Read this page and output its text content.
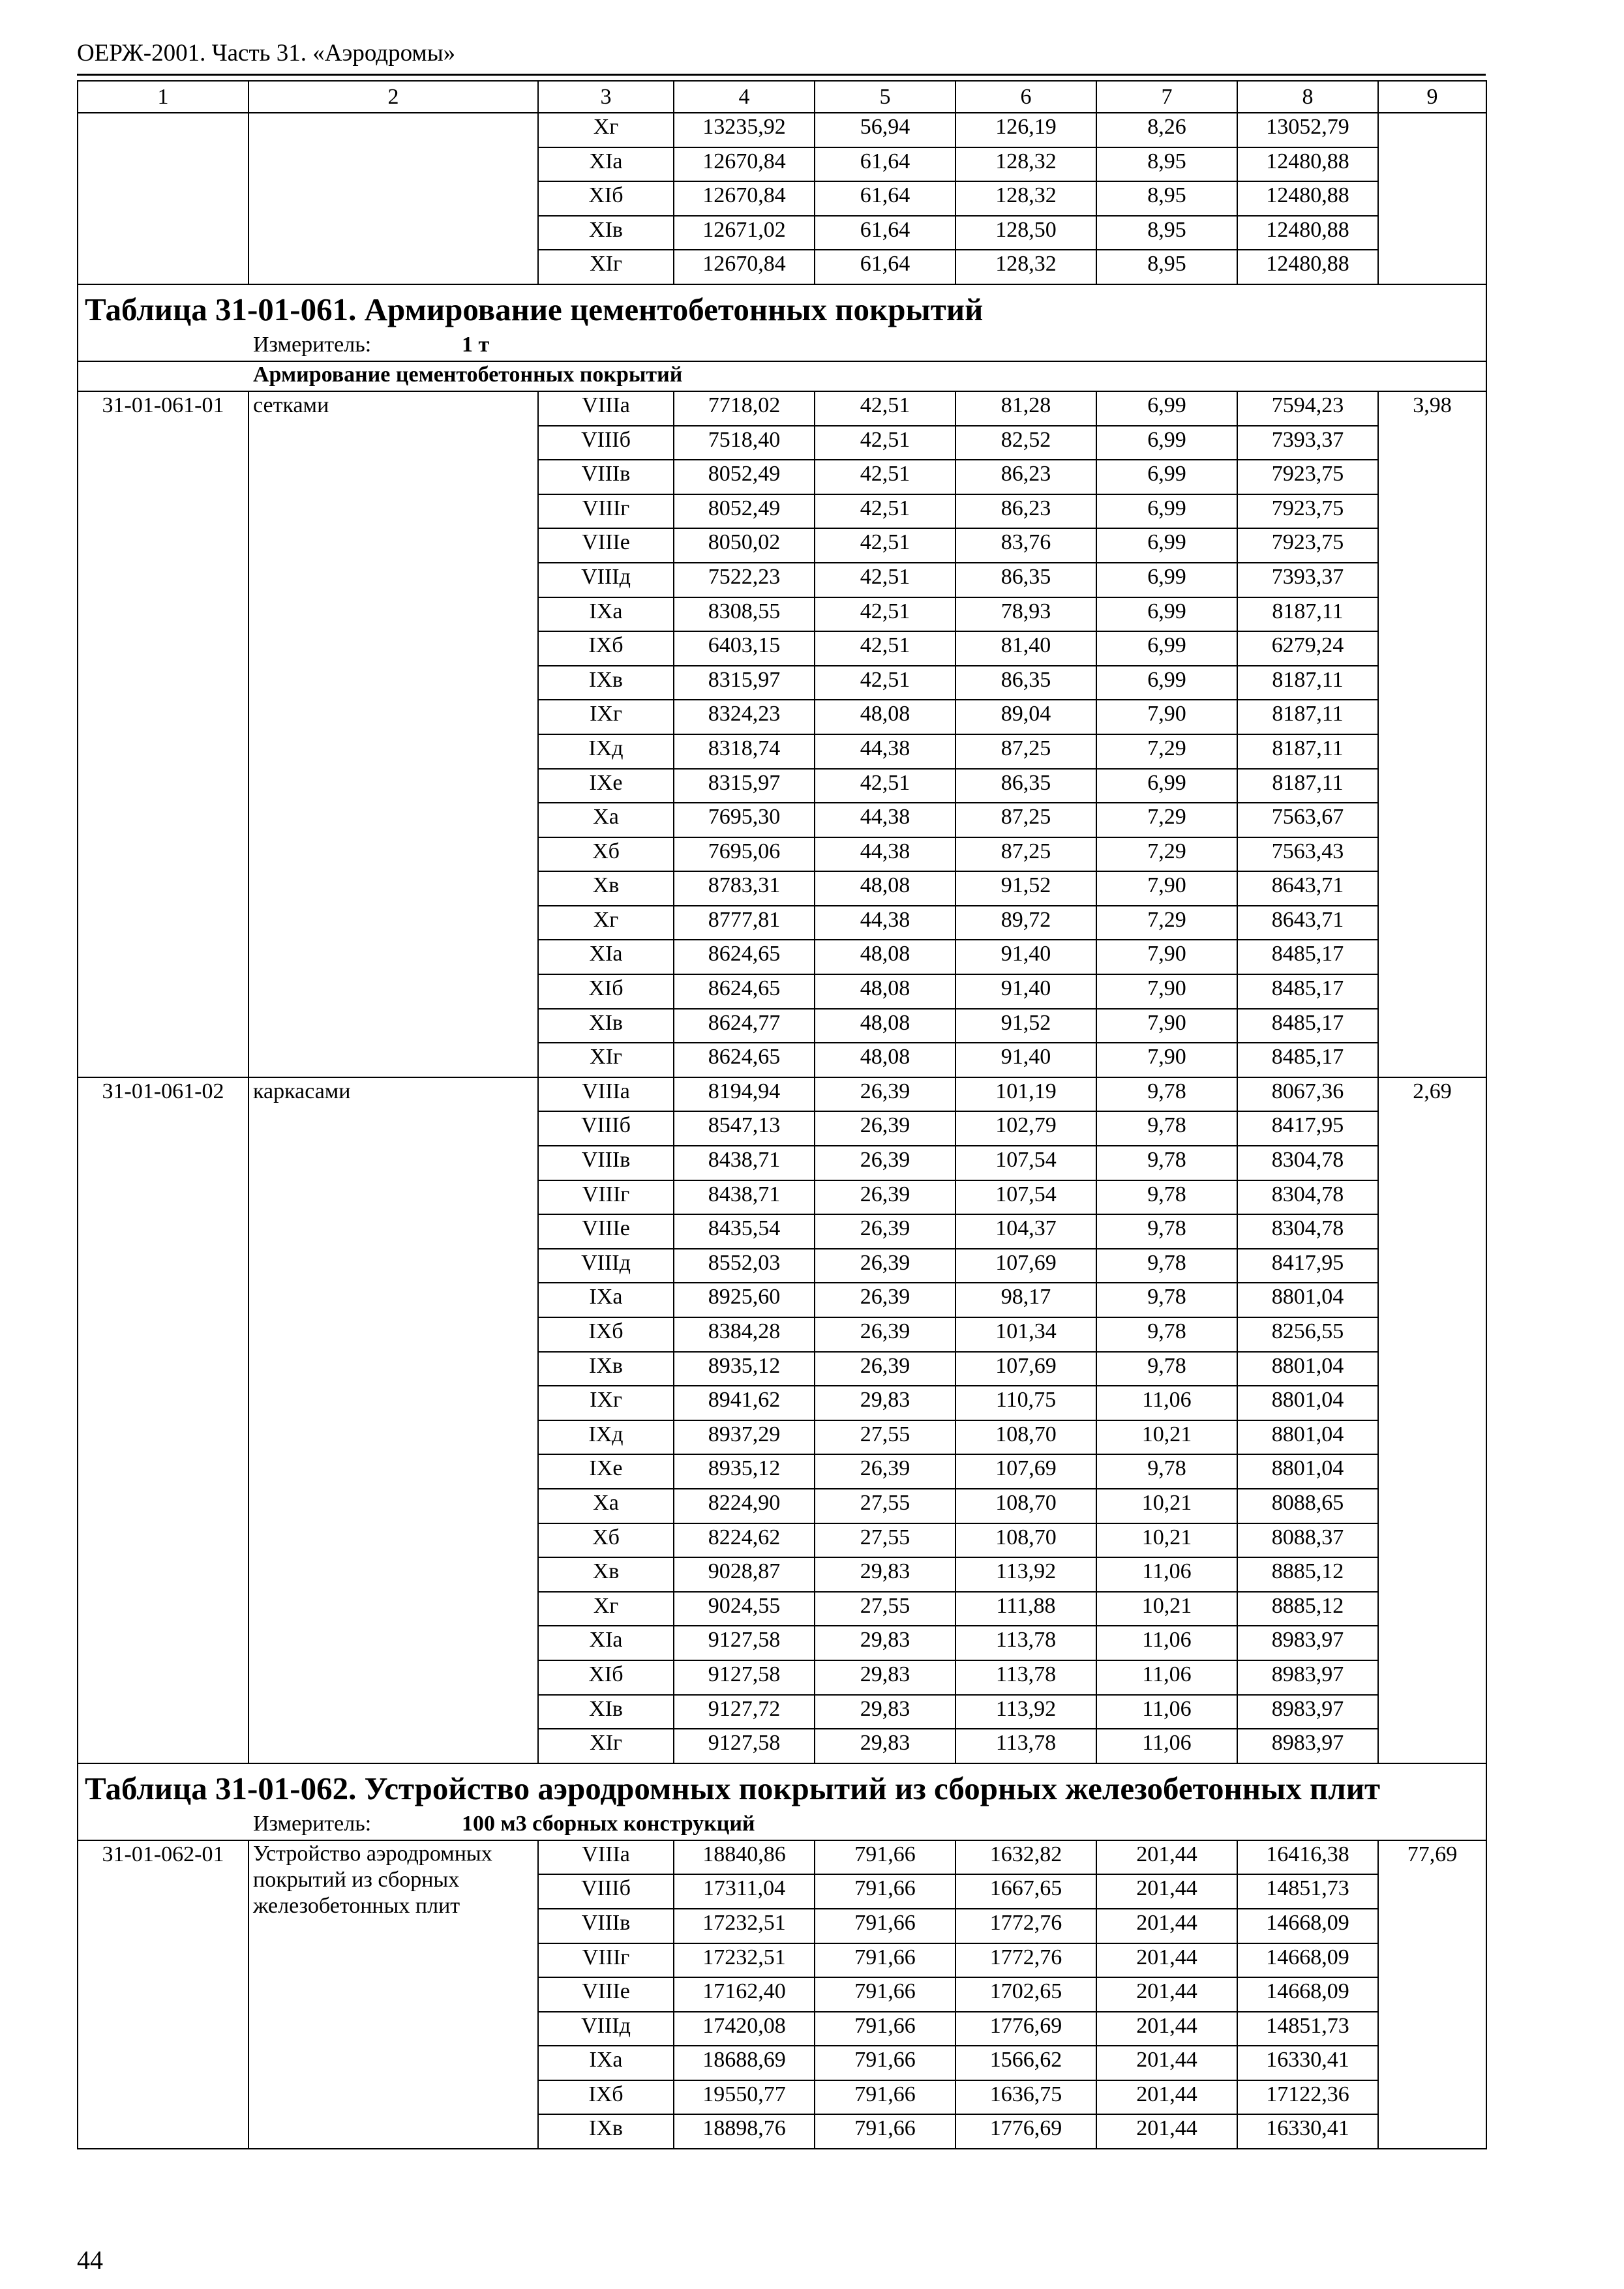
ОЕРЖ-2001. Часть 31. «Аэродромы»
1	2	3	4	5	6	7	8	9
		Xг	13235,92	56,94	126,19	8,26	13052,79	
		XIа	12670,84	61,64	128,32	8,95	12480,88	
		XIб	12670,84	61,64	128,32	8,95	12480,88	
		XIв	12671,02	61,64	128,50	8,95	12480,88	
		XIг	12670,84	61,64	128,32	8,95	12480,88	
Таблица 31-01-061. Армирование цементобетонных покрытий								
Измеритель: 1 т								
Армирование цементобетонных покрытий								
31-01-061-01	сетками	VIIIа	7718,02	42,51	81,28	6,99	7594,23	3,98
		VIIIб	7518,40	42,51	82,52	6,99	7393,37	
		VIIIв	8052,49	42,51	86,23	6,99	7923,75	
		VIIIг	8052,49	42,51	86,23	6,99	7923,75	
		VIIIе	8050,02	42,51	83,76	6,99	7923,75	
		VIIIд	7522,23	42,51	86,35	6,99	7393,37	
		IXа	8308,55	42,51	78,93	6,99	8187,11	
		IXб	6403,15	42,51	81,40	6,99	6279,24	
		IXв	8315,97	42,51	86,35	6,99	8187,11	
		IXг	8324,23	48,08	89,04	7,90	8187,11	
		IXд	8318,74	44,38	87,25	7,29	8187,11	
		IXе	8315,97	42,51	86,35	6,99	8187,11	
		Xа	7695,30	44,38	87,25	7,29	7563,67	
		Xб	7695,06	44,38	87,25	7,29	7563,43	
		Xв	8783,31	48,08	91,52	7,90	8643,71	
		Xг	8777,81	44,38	89,72	7,29	8643,71	
		XIа	8624,65	48,08	91,40	7,90	8485,17	
		XIб	8624,65	48,08	91,40	7,90	8485,17	
		XIв	8624,77	48,08	91,52	7,90	8485,17	
		XIг	8624,65	48,08	91,40	7,90	8485,17	
31-01-061-02	каркасами	VIIIа	8194,94	26,39	101,19	9,78	8067,36	2,69
		VIIIб	8547,13	26,39	102,79	9,78	8417,95	
		VIIIв	8438,71	26,39	107,54	9,78	8304,78	
		VIIIг	8438,71	26,39	107,54	9,78	8304,78	
		VIIIе	8435,54	26,39	104,37	9,78	8304,78	
		VIIIд	8552,03	26,39	107,69	9,78	8417,95	
		IXа	8925,60	26,39	98,17	9,78	8801,04	
		IXб	8384,28	26,39	101,34	9,78	8256,55	
		IXв	8935,12	26,39	107,69	9,78	8801,04	
		IXг	8941,62	29,83	110,75	11,06	8801,04	
		IXд	8937,29	27,55	108,70	10,21	8801,04	
		IXе	8935,12	26,39	107,69	9,78	8801,04	
		Xа	8224,90	27,55	108,70	10,21	8088,65	
		Xб	8224,62	27,55	108,70	10,21	8088,37	
		Xв	9028,87	29,83	113,92	11,06	8885,12	
		Xг	9024,55	27,55	111,88	10,21	8885,12	
		XIа	9127,58	29,83	113,78	11,06	8983,97	
		XIб	9127,58	29,83	113,78	11,06	8983,97	
		XIв	9127,72	29,83	113,92	11,06	8983,97	
		XIг	9127,58	29,83	113,78	11,06	8983,97	
Таблица 31-01-062. Устройство аэродромных покрытий из сборных железобетонных плит								
Измеритель: 100 м3 сборных конструкций								
31-01-062-01	Устройство аэродромных покрытий из сборных железобетонных плит	VIIIа	18840,86	791,66	1632,82	201,44	16416,38	77,69
		VIIIб	17311,04	791,66	1667,65	201,44	14851,73	
		VIIIв	17232,51	791,66	1772,76	201,44	14668,09	
		VIIIг	17232,51	791,66	1772,76	201,44	14668,09	
		VIIIе	17162,40	791,66	1702,65	201,44	14668,09	
		VIIIд	17420,08	791,66	1776,69	201,44	14851,73	
		IXа	18688,69	791,66	1566,62	201,44	16330,41	
		IXб	19550,77	791,66	1636,75	201,44	17122,36	
		IXв	18898,76	791,66	1776,69	201,44	16330,41	
44
